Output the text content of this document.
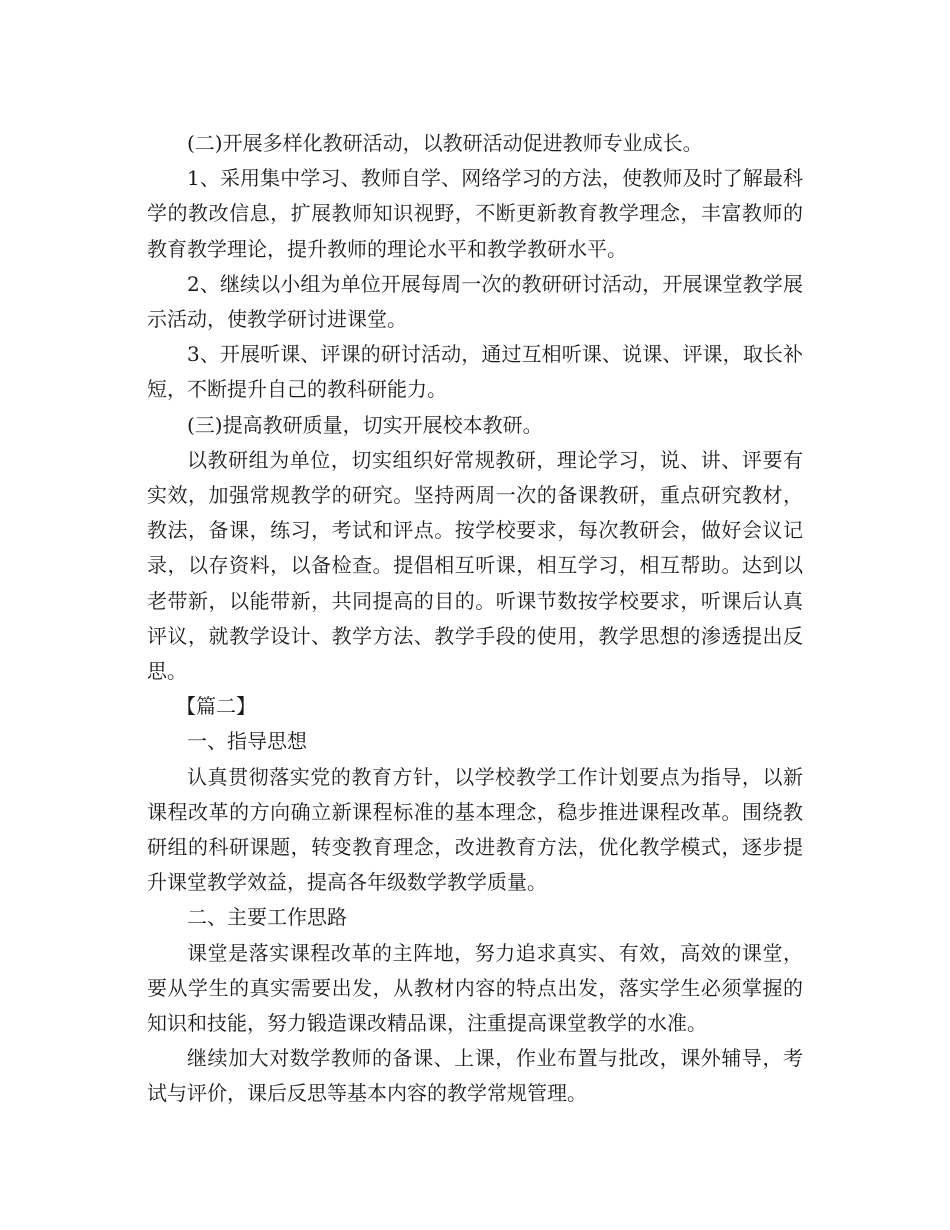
(二)开展多样化教研活动，以教研活动促进教师专业成长。

1、采用集中学习、教师自学、网络学习的方法，使教师及时了解最科学的教改信息，扩展教师知识视野，不断更新教育教学理念，丰富教师的教育教学理论，提升教师的理论水平和教学教研水平。

2、继续以小组为单位开展每周一次的教研研讨活动，开展课堂教学展示活动，使教学研讨进课堂。

3、开展听课、评课的研讨活动，通过互相听课、说课、评课，取长补短，不断提升自己的教科研能力。

(三)提高教研质量，切实开展校本教研。

以教研组为单位，切实组织好常规教研，理论学习，说、讲、评要有实效，加强常规教学的研究。坚持两周一次的备课教研，重点研究教材，教法，备课，练习，考试和评点。按学校要求，每次教研会，做好会议记录，以存资料，以备检查。提倡相互听课，相互学习，相互帮助。达到以老带新，以能带新，共同提高的目的。听课节数按学校要求，听课后认真评议，就教学设计、教学方法、教学手段的使用，教学思想的渗透提出反思。

【篇二】

一、指导思想

认真贯彻落实党的教育方针，以学校教学工作计划要点为指导，以新课程改革的方向确立新课程标准的基本理念，稳步推进课程改革。围绕教研组的科研课题，转变教育理念，改进教育方法，优化教学模式，逐步提升课堂教学效益，提高各年级数学教学质量。

二、主要工作思路

课堂是落实课程改革的主阵地，努力追求真实、有效，高效的课堂，要从学生的真实需要出发，从教材内容的特点出发，落实学生必须掌握的知识和技能，努力锻造课改精品课，注重提高课堂教学的水准。

继续加大对数学教师的备课、上课，作业布置与批改，课外辅导，考试与评价，课后反思等基本内容的教学常规管理。
